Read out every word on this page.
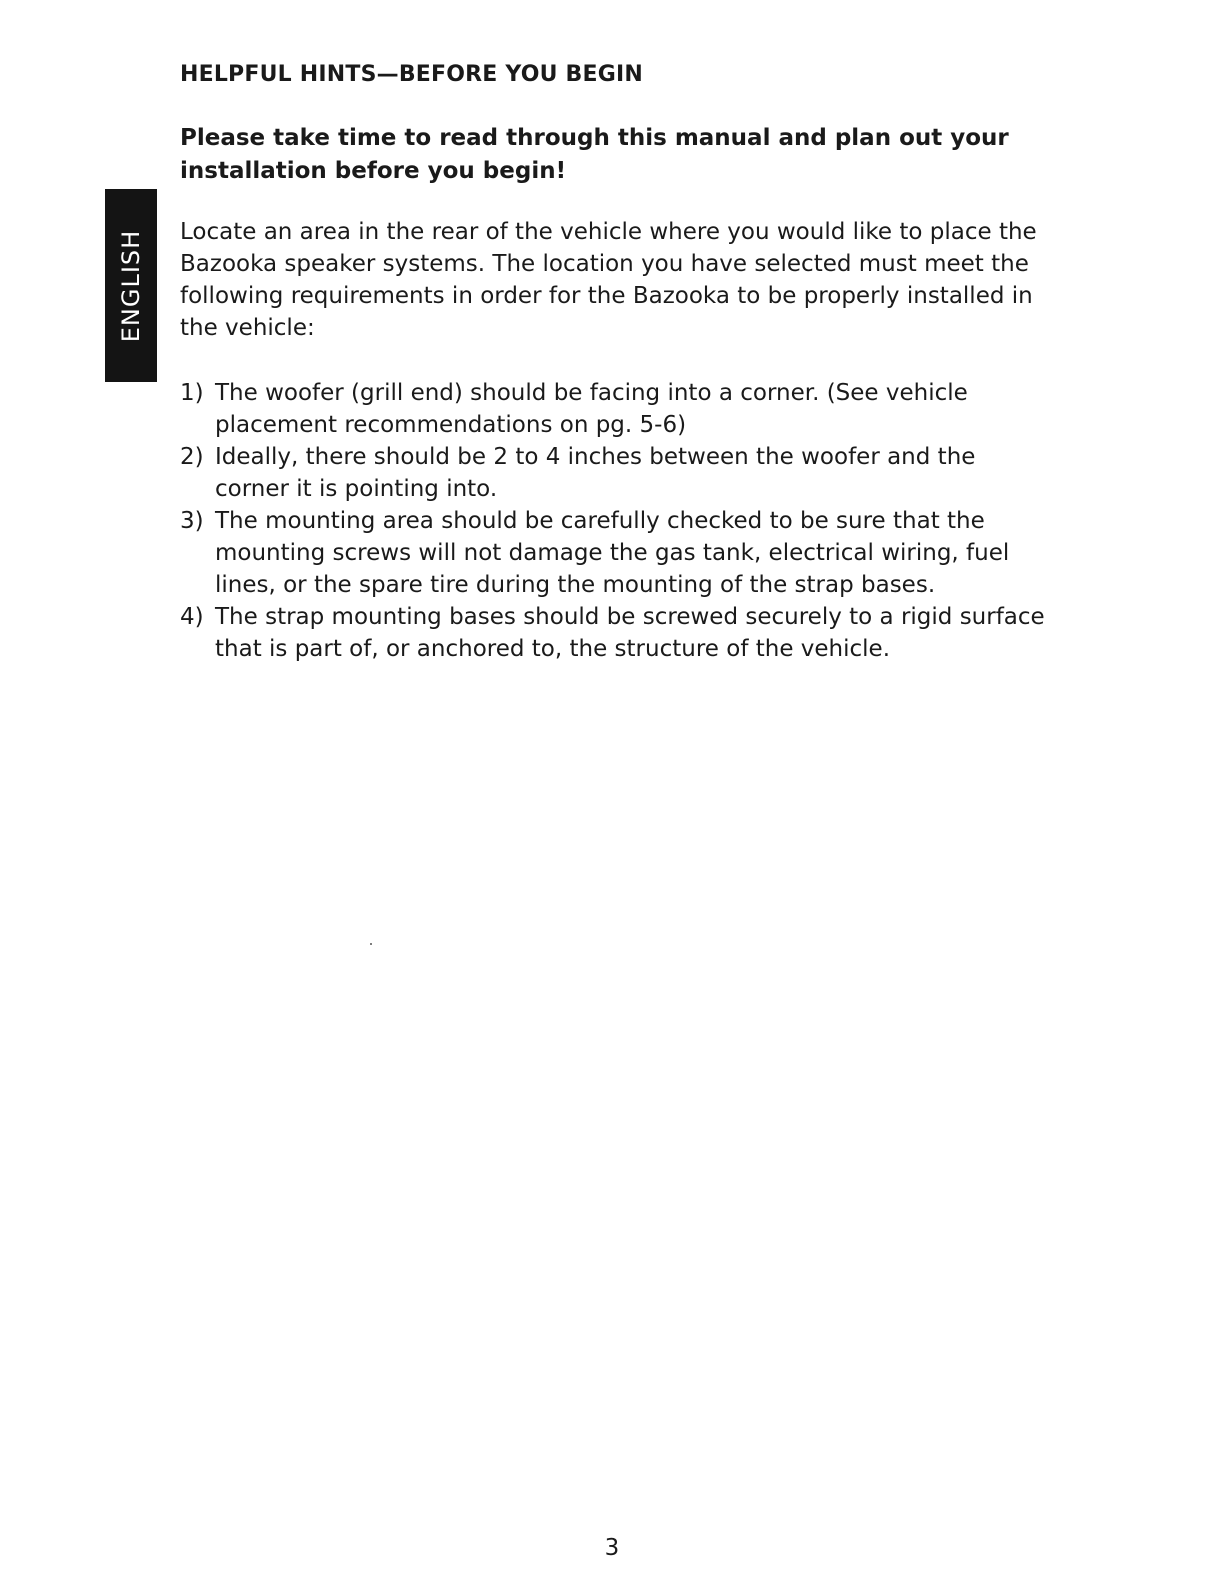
HELPFUL HINTS—BEFORE YOU BEGIN
Please take time to read through this manual and plan out your installation before you begin!
ENGLISH Locate an area in the rear of the vehicle where you would like to place the Bazooka speaker systems. The location you have selected must meet the following requirements in order for the Bazooka to be properly installed in the vehicle:
1) The woofer (grill end) should be facing into a corner. (See vehicle placement recommendations on pg. 5-6)
2) Ideally, there should be 2 to 4 inches between the woofer and the corner it is pointing into.
3) The mounting area should be carefully checked to be sure that the mounting screws will not damage the gas tank, electrical wiring, fuel lines, or the spare tire during the mounting of the strap bases.
4) The strap mounting bases should be screwed securely to a rigid surface that is part of, or anchored to, the structure of the vehicle.
3
